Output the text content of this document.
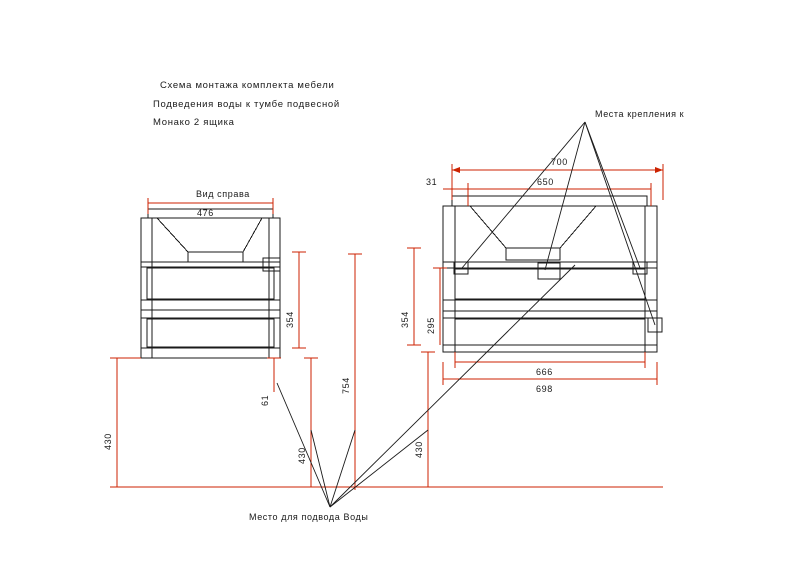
Схема монтажа комплекта мебели
Подведения воды к тумбе подвесной
Монако 2 ящика
Вид справа
Места крепления к
Место для подвода Воды
476
354
754
430
61
430
700
650
31
354 295
430
666
698
